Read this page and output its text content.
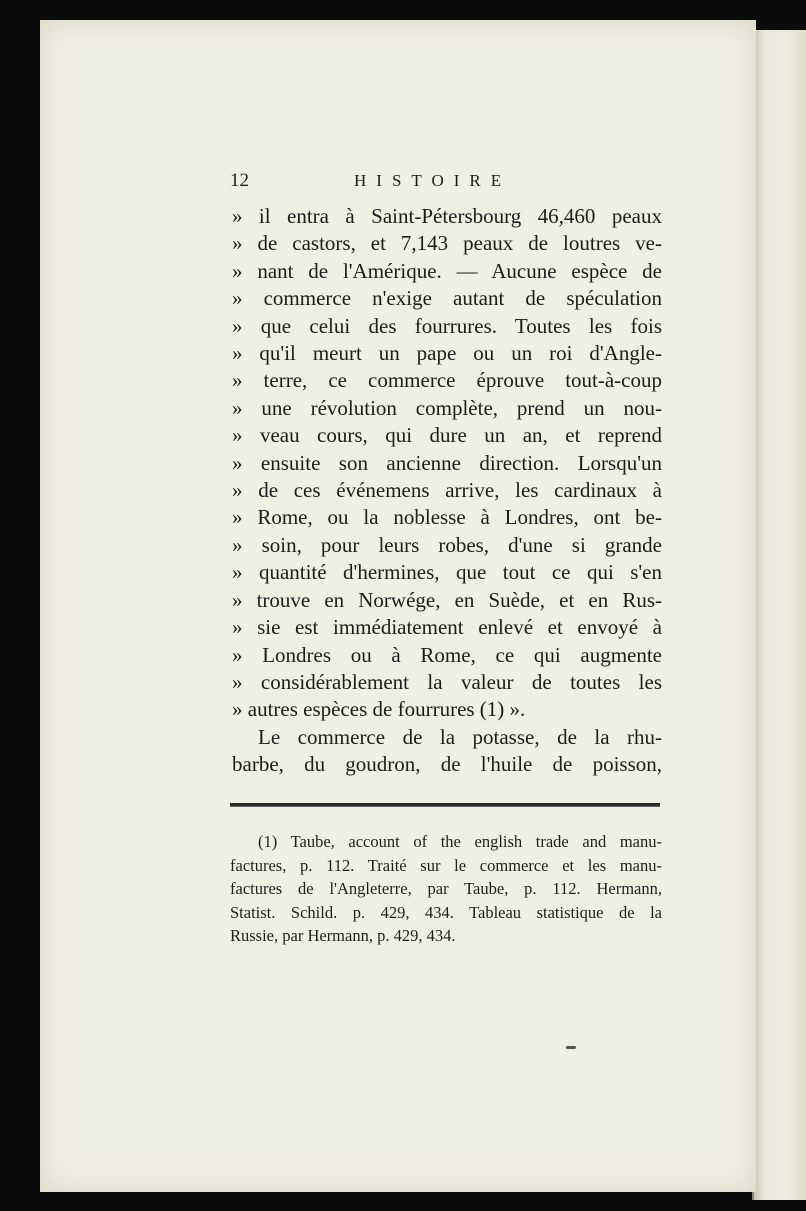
12	HISTOIRE
» il entra à Saint-Pétersbourg 46,460 peaux
» de castors, et 7,143 peaux de loutres ve-
» nant de l'Amérique. — Aucune espèce de
» commerce n'exige autant de spéculation
» que celui des fourrures. Toutes les fois
» qu'il meurt un pape ou un roi d'Angle-
» terre, ce commerce éprouve tout-à-coup
» une révolution complète, prend un nou-
» veau cours, qui dure un an, et reprend
» ensuite son ancienne direction. Lorsqu'un
» de ces événemens arrive, les cardinaux à
» Rome, ou la noblesse à Londres, ont be-
» soin, pour leurs robes, d'une si grande
» quantité d'hermines, que tout ce qui s'en
» trouve en Norwége, en Suède, et en Rus-
» sie est immédiatement enlevé et envoyé à
» Londres ou à Rome, ce qui augmente
» considérablement la valeur de toutes les
» autres espèces de fourrures (1) ».
Le commerce de la potasse, de la rhu-
barbe, du goudron, de l'huile de poisson,
(1) Taube, account of the english trade and manu-
factures, p. 112. Traité sur le commerce et les manu-
factures de l'Angleterre, par Taube, p. 112. Hermann,
Statist. Schild. p. 429, 434. Tableau statistique de la
Russie, par Hermann, p. 429, 434.
